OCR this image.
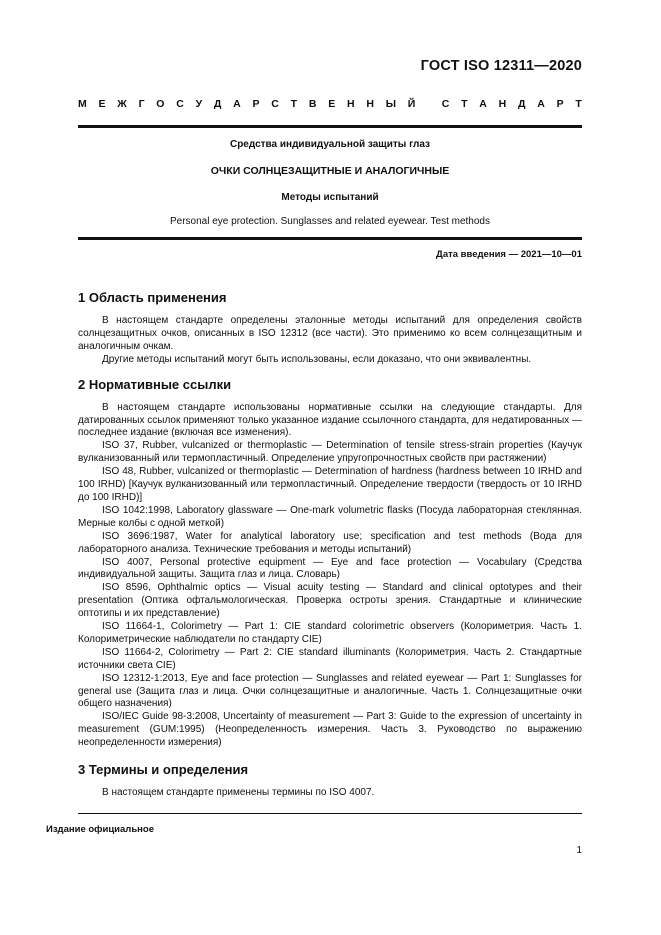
ГОСТ ISO 12311—2020
М Е Ж Г О С У Д А Р С Т В Е Н Н Ы Й
	С Т А Н Д А Р Т
Средства индивидуальной защиты глаз
ОЧКИ СОЛНЦЕЗАЩИТНЫЕ И АНАЛОГИЧНЫЕ
Методы испытаний
Personal eye protection. Sunglasses and related eyewear. Test methods
Дата введения — 2021—10—01
1 Область применения

В настоящем стандарте определены эталонные методы испытаний для определения свойств солнцезащитных очков, описанных в ISO 12312 (все части). Это применимо ко всем солнцезащитным и аналогичным очкам.

Другие методы испытаний могут быть использованы, если доказано, что они эквивалентны.

2 Нормативные ссылки

В настоящем стандарте использованы нормативные ссылки на следующие стандарты. Для датированных ссылок применяют только указанное издание ссылочного стандарта, для недатированных — последнее издание (включая все изменения).

ISO 37, Rubber, vulcanized or thermoplastic — Determination of tensile stress-strain properties (Каучук вулканизованный или термопластичный. Определение упругопрочностных свойств при растяжении)

ISO 48, Rubber, vulcanized or thermoplastic — Determination of hardness (hardness between 10 IRHD and 100 IRHD) [Каучук вулканизованный или термопластичный. Определение твердости (твердость от 10 IRHD до 100 IRHD)]

ISO 1042:1998, Laboratory glassware — One-mark volumetric flasks (Посуда лабораторная стеклянная. Мерные колбы с одной меткой)

ISO 3696:1987, Water for analytical laboratory use; specification and test methods (Вода для лабораторного анализа. Технические требования и методы испытаний)

ISO 4007, Personal protective equipment — Eye and face protection — Vocabulary (Средства индивидуальной защиты. Защита глаз и лица. Словарь)

ISO 8596, Ophthalmic optics — Visual acuity testing — Standard and clinical optotypes and their presentation (Оптика офтальмологическая. Проверка остроты зрения. Стандартные и клинические оптотипы и их представление)

ISO 11664-1, Colorimetry — Part 1: CIE standard colorimetric observers (Колориметрия. Часть 1. Колориметрические наблюдатели по стандарту CIE)

ISO 11664-2, Colorimetry — Part 2: CIE standard illuminants (Колориметрия. Часть 2. Стандартные источники света CIE)

ISO 12312-1:2013, Eye and face protection — Sunglasses and related eyewear — Part 1: Sunglasses for general use (Защита глаз и лица. Очки солнцезащитные и аналогичные. Часть 1. Солнцезащитные очки общего назначения)

ISO/IEC Guide 98-3:2008, Uncertainty of measurement — Part 3: Guide to the expression of uncertainty in measurement (GUM:1995) (Неопределенность измерения. Часть 3. Руководство по выражению неопределенности измерения)

3 Термины и определения

В настоящем стандарте применены термины по ISO 4007.

Издание официальное
1
